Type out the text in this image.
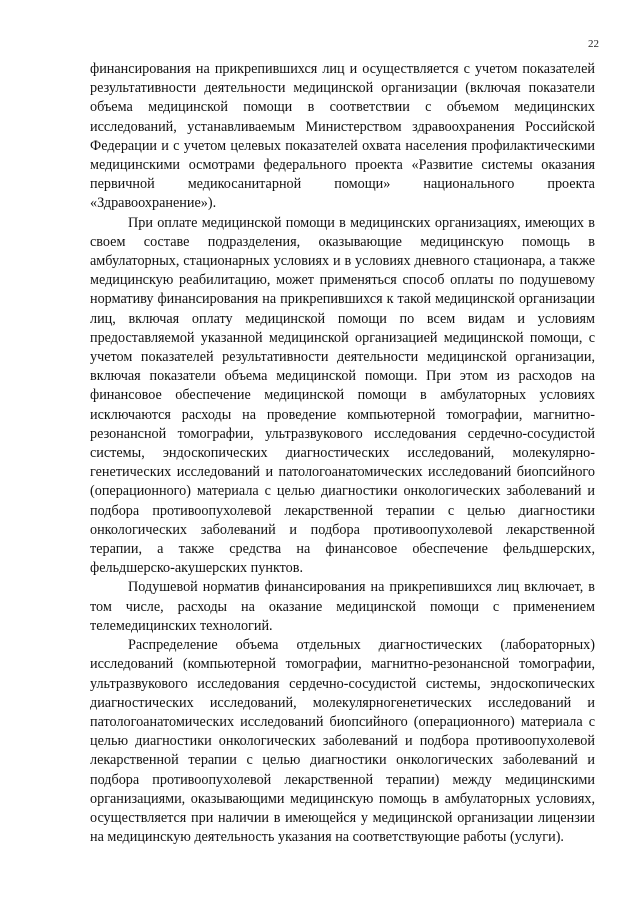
22

финансирования на прикрепившихся лиц и осуществляется с учетом показателей результативности деятельности медицинской организации (включая показатели объема медицинской помощи в соответствии с объемом медицинских исследований, устанавливаемым Министерством здравоохранения Российской Федерации и с учетом целевых показателей охвата населения профилактическими медицинскими осмотрами федерального проекта «Развитие системы оказания первичной медикосанитарной помощи» национального проекта «Здравоохранение»).

При оплате медицинской помощи в медицинских организациях, имеющих в своем составе подразделения, оказывающие медицинскую помощь в амбулаторных, стационарных условиях и в условиях дневного стационара, а также медицинскую реабилитацию, может применяться способ оплаты по подушевому нормативу финансирования на прикрепившихся к такой медицинской организации лиц, включая оплату медицинской помощи по всем видам и условиям предоставляемой указанной медицинской организацией медицинской помощи, с учетом показателей результативности деятельности медицинской организации, включая показатели объема медицинской помощи. При этом из расходов на финансовое обеспечение медицинской помощи в амбулаторных условиях исключаются расходы на проведение компьютерной томографии, магнитно-резонансной томографии, ультразвукового исследования сердечно-сосудистой системы, эндоскопических диагностических исследований, молекулярно-генетических исследований и патологоанатомических исследований биопсийного (операционного) материала с целью диагностики онкологических заболеваний и подбора противоопухолевой лекарственной терапии с целью диагностики онкологических заболеваний и подбора противоопухолевой лекарственной терапии, а также средства на финансовое обеспечение фельдшерских, фельдшерско-акушерских пунктов.

Подушевой норматив финансирования на прикрепившихся лиц включает, в том числе, расходы на оказание медицинской помощи с применением телемедицинских технологий.

Распределение объема отдельных диагностических (лабораторных) исследований (компьютерной томографии, магнитно-резонансной томографии, ультразвукового исследования сердечно-сосудистой системы, эндоскопических диагностических исследований, молекулярногенетических исследований и патологоанатомических исследований биопсийного (операционного) материала с целью диагностики онкологических заболеваний и подбора противоопухолевой лекарственной терапии с целью диагностики онкологических заболеваний и подбора противоопухолевой лекарственной терапии) между медицинскими организациями, оказывающими медицинскую помощь в амбулаторных условиях, осуществляется при наличии в имеющейся у медицинской организации лицензии на медицинскую деятельность указания на соответствующие работы (услуги).
